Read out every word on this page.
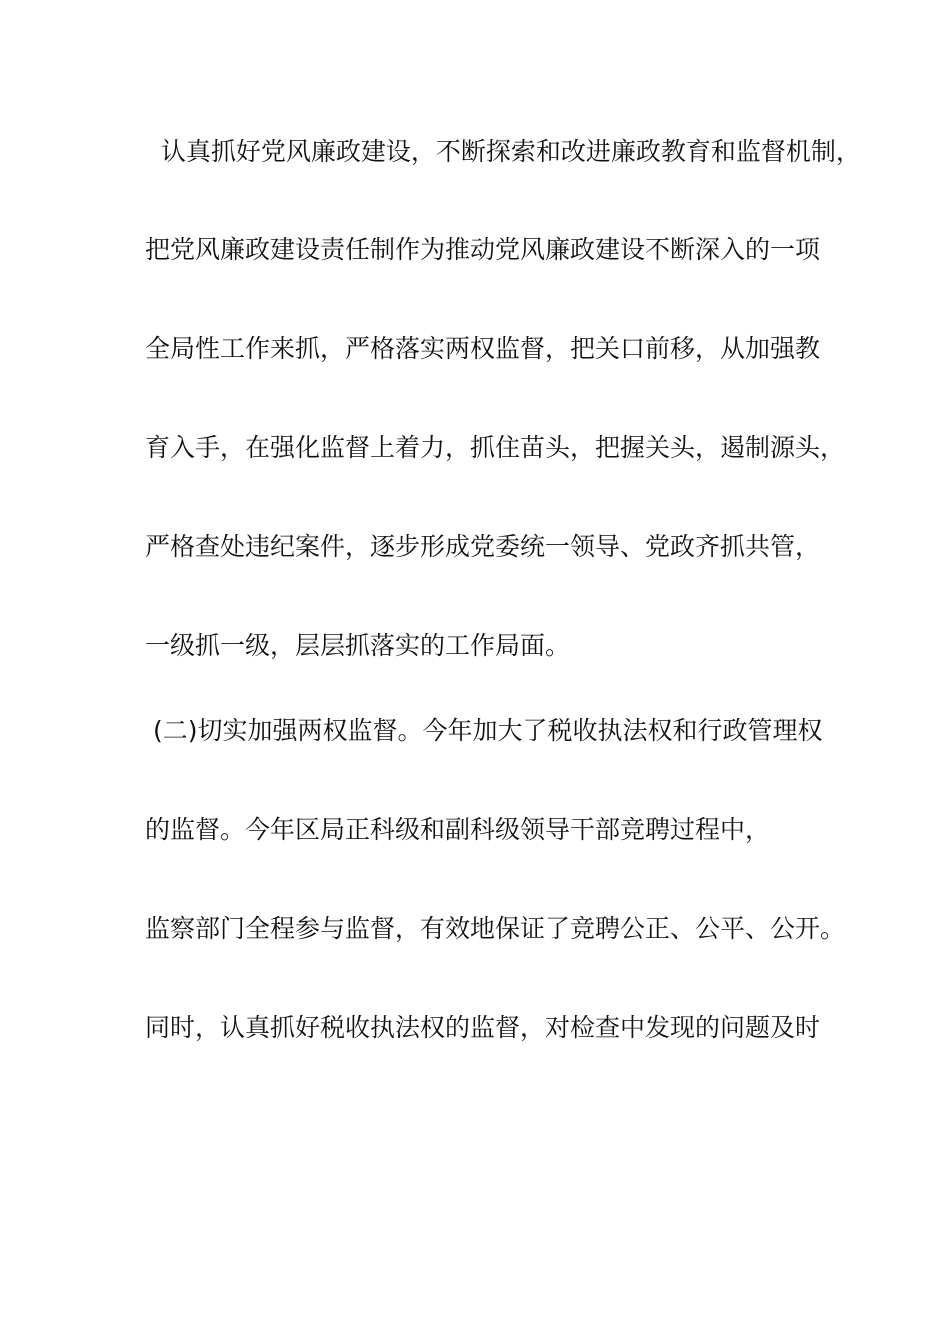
认真抓好党风廉政建设，不断探索和改进廉政教育和监督机制，
把党风廉政建设责任制作为推动党风廉政建设不断深入的一项
全局性工作来抓，严格落实两权监督，把关口前移，从加强教
育入手，在强化监督上着力，抓住苗头，把握关头，遏制源头，
严格查处违纪案件，逐步形成党委统一领导、党政齐抓共管，
一级抓一级，层层抓落实的工作局面。
(二)切实加强两权监督。今年加大了税收执法权和行政管理权
的监督。今年区局正科级和副科级领导干部竞聘过程中，
监察部门全程参与监督，有效地保证了竞聘公正、公平、公开。
同时，认真抓好税收执法权的监督，对检查中发现的问题及时
